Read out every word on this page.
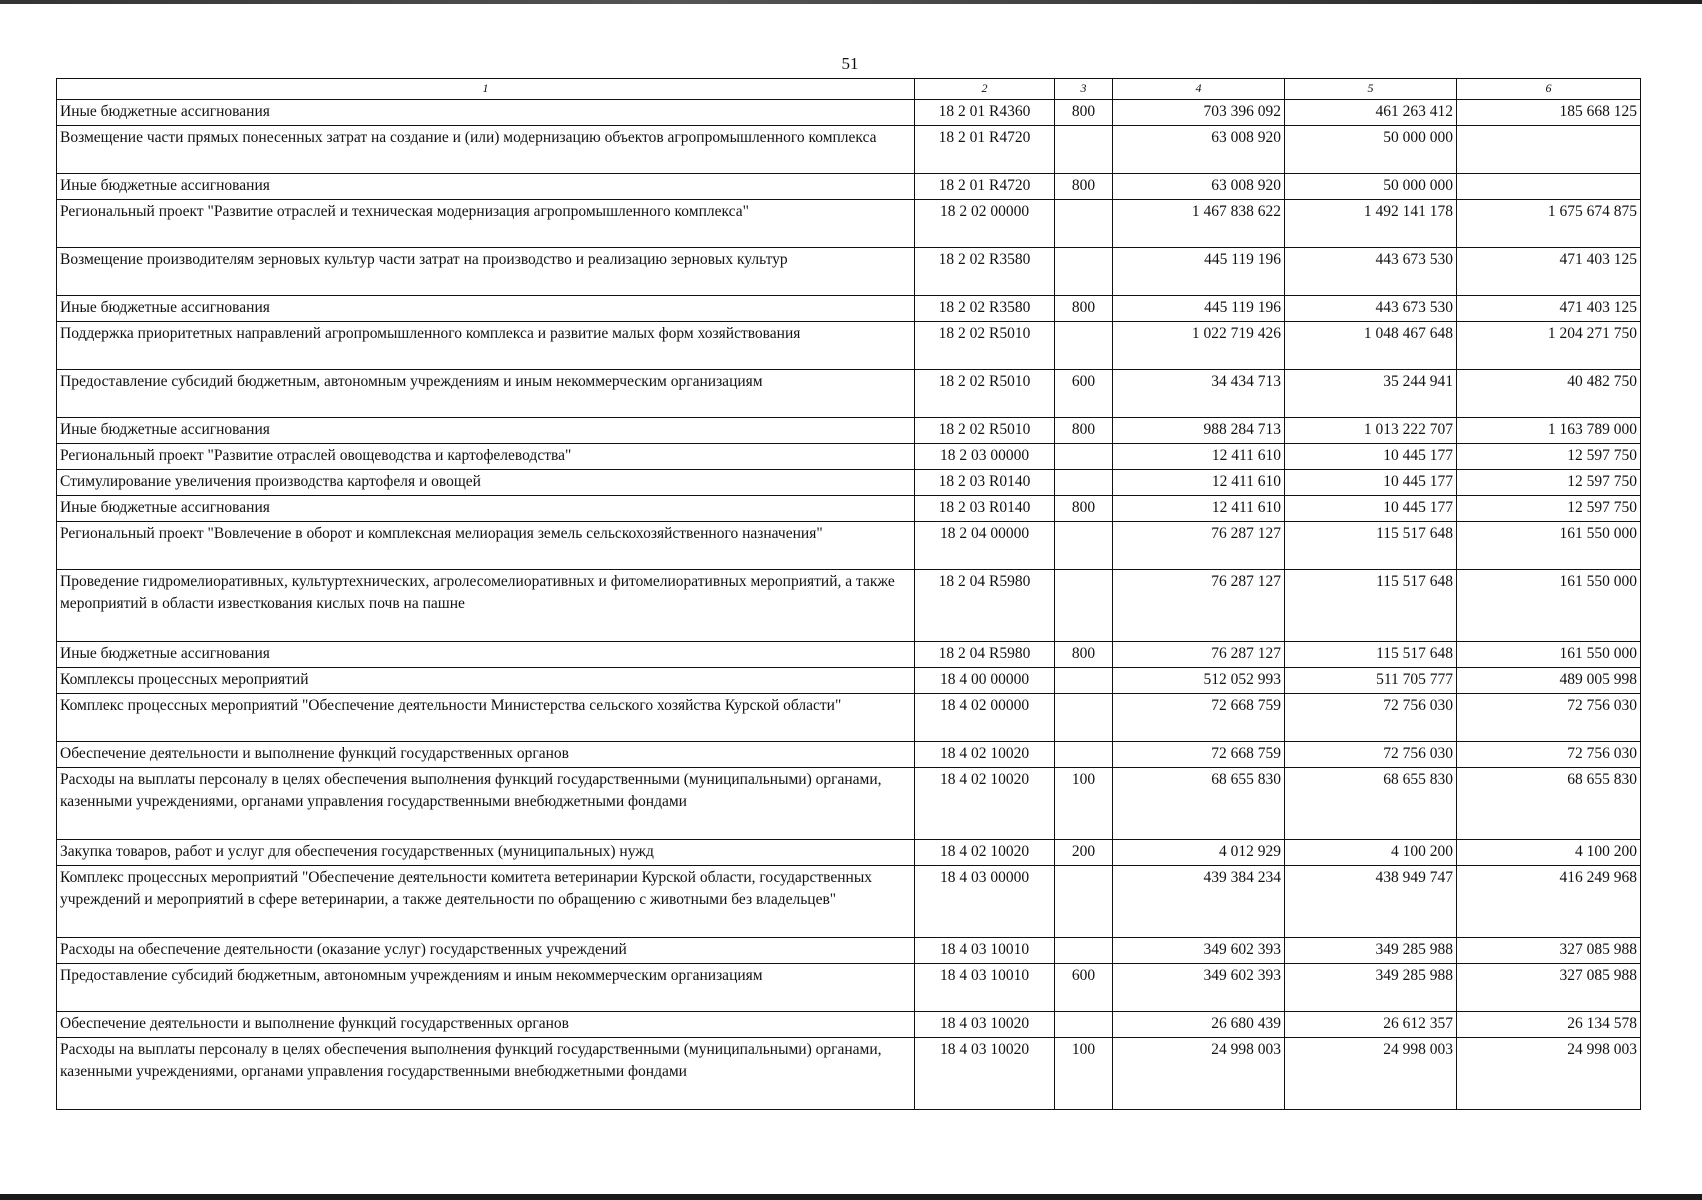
51
1	2	3	4	5	6
Иные бюджетные ассигнования	18 2 01 R4360	800	703 396 092	461 263 412	185 668 125
Возмещение части прямых понесенных затрат на создание и (или) модернизацию объектов агропромышленного комплекса	18 2 01 R4720		63 008 920	50 000 000	
Иные бюджетные ассигнования	18 2 01 R4720	800	63 008 920	50 000 000	
Региональный проект "Развитие отраслей и техническая модернизация агропромышленного комплекса"	18 2 02 00000		1 467 838 622	1 492 141 178	1 675 674 875
Возмещение производителям зерновых культур части затрат на производство и реализацию зерновых культур	18 2 02 R3580		445 119 196	443 673 530	471 403 125
Иные бюджетные ассигнования	18 2 02 R3580	800	445 119 196	443 673 530	471 403 125
Поддержка приоритетных направлений агропромышленного комплекса и развитие малых форм хозяйствования	18 2 02 R5010		1 022 719 426	1 048 467 648	1 204 271 750
Предоставление субсидий бюджетным, автономным учреждениям и иным некоммерческим организациям	18 2 02 R5010	600	34 434 713	35 244 941	40 482 750
Иные бюджетные ассигнования	18 2 02 R5010	800	988 284 713	1 013 222 707	1 163 789 000
Региональный проект "Развитие отраслей овощеводства и картофелеводства"	18 2 03 00000		12 411 610	10 445 177	12 597 750
Стимулирование увеличения производства картофеля и овощей	18 2 03 R0140		12 411 610	10 445 177	12 597 750
Иные бюджетные ассигнования	18 2 03 R0140	800	12 411 610	10 445 177	12 597 750
Региональный проект "Вовлечение в оборот и комплексная мелиорация земель сельскохозяйственного назначения"	18 2 04 00000		76 287 127	115 517 648	161 550 000
Проведение гидромелиоративных, культуртехнических, агролесомелиоративных и фитомелиоративных мероприятий, а также мероприятий в области известкования кислых почв на пашне	18 2 04 R5980		76 287 127	115 517 648	161 550 000
Иные бюджетные ассигнования	18 2 04 R5980	800	76 287 127	115 517 648	161 550 000
Комплексы процессных мероприятий	18 4 00 00000		512 052 993	511 705 777	489 005 998
Комплекс процессных мероприятий "Обеспечение деятельности Министерства сельского хозяйства Курской области"	18 4 02 00000		72 668 759	72 756 030	72 756 030
Обеспечение деятельности и выполнение функций государственных органов	18 4 02 10020		72 668 759	72 756 030	72 756 030
Расходы на выплаты персоналу в целях обеспечения выполнения функций государственными (муниципальными) органами, казенными учреждениями, органами управления государственными внебюджетными фондами	18 4 02 10020	100	68 655 830	68 655 830	68 655 830
Закупка товаров, работ и услуг для обеспечения государственных (муниципальных) нужд	18 4 02 10020	200	4 012 929	4 100 200	4 100 200
Комплекс процессных мероприятий "Обеспечение деятельности комитета ветеринарии Курской области, государственных учреждений и мероприятий в сфере ветеринарии, а также деятельности по обращению с животными без владельцев"	18 4 03 00000		439 384 234	438 949 747	416 249 968
Расходы на обеспечение деятельности (оказание услуг) государственных учреждений	18 4 03 10010		349 602 393	349 285 988	327 085 988
Предоставление субсидий бюджетным, автономным учреждениям и иным некоммерческим организациям	18 4 03 10010	600	349 602 393	349 285 988	327 085 988
Обеспечение деятельности и выполнение функций государственных органов	18 4 03 10020		26 680 439	26 612 357	26 134 578
Расходы на выплаты персоналу в целях обеспечения выполнения функций государственными (муниципальными) органами, казенными учреждениями, органами управления государственными внебюджетными фондами	18 4 03 10020	100	24 998 003	24 998 003	24 998 003
